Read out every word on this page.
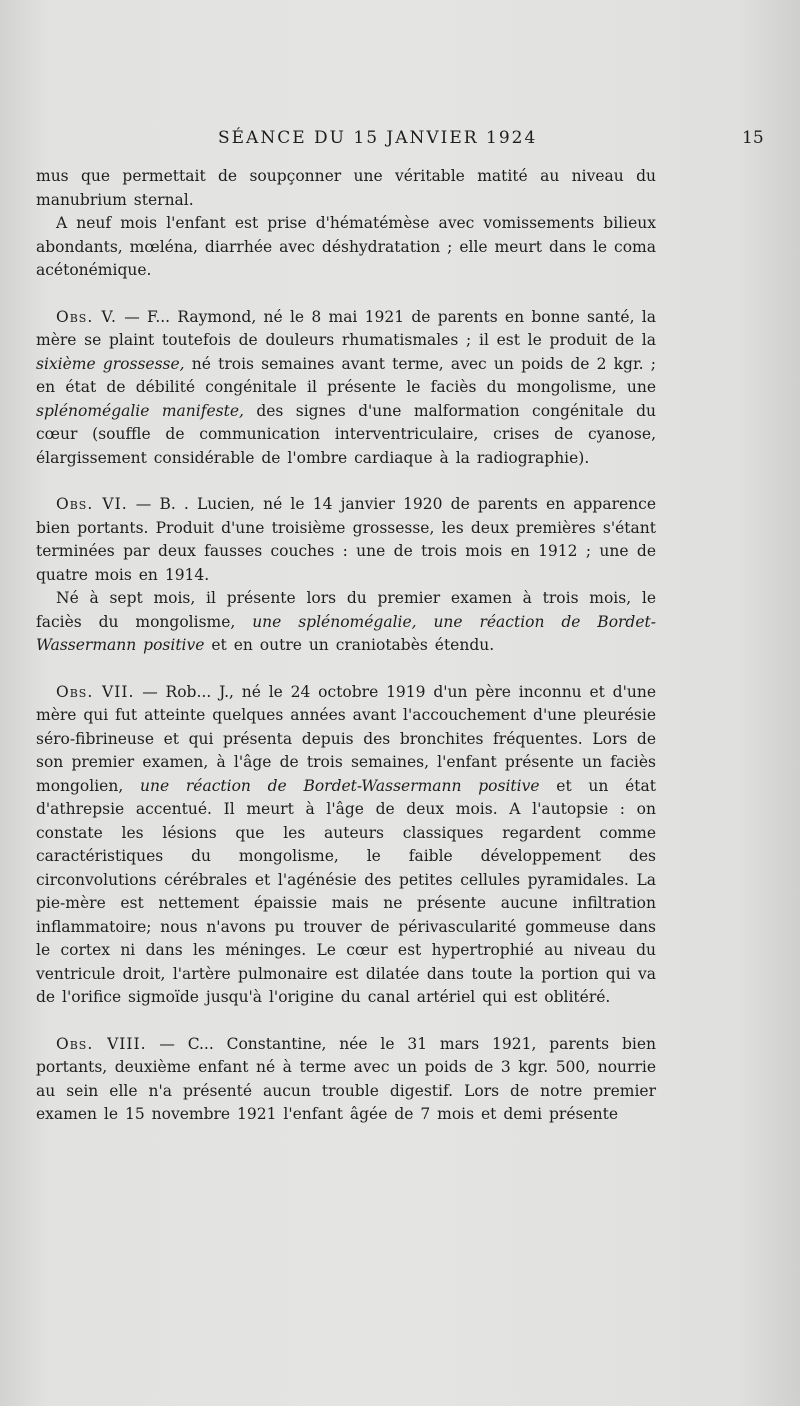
SÉANCE DU 15 JANVIER 1924	15

mus que permettait de soupçonner une véritable matité au niveau du manubrium sternal.

A neuf mois l'enfant est prise d'hématémèse avec vomissements bilieux abondants, mœléna, diarrhée avec déshydratation ; elle meurt dans le coma acétonémique.

Obs. V. — F... Raymond, né le 8 mai 1921 de parents en bonne santé, la mère se plaint toutefois de douleurs rhumatismales ; il est le produit de la sixième grossesse, né trois semaines avant terme, avec un poids de 2 kgr. ; en état de débilité congénitale il présente le faciès du mongolisme, une splénomégalie manifeste, des signes d'une malformation congénitale du cœur (souffle de communication interventriculaire, crises de cyanose, élargissement considérable de l'ombre cardiaque à la radiographie).

Obs. VI. — B. . Lucien, né le 14 janvier 1920 de parents en apparence bien portants. Produit d'une troisième grossesse, les deux premières s'étant terminées par deux fausses couches : une de trois mois en 1912 ; une de quatre mois en 1914.

Né à sept mois, il présente lors du premier examen à trois mois, le faciès du mongolisme, une splénomégalie, une réaction de Bordet-Wassermann positive et en outre un craniotabès étendu.

Obs. VII. — Rob... J., né le 24 octobre 1919 d'un père inconnu et d'une mère qui fut atteinte quelques années avant l'accouchement d'une pleurésie séro-fibrineuse et qui présenta depuis des bronchites fréquentes. Lors de son premier examen, à l'âge de trois semaines, l'enfant présente un faciès mongolien, une réaction de Bordet-Wassermann positive et un état d'athrepsie accentué. Il meurt à l'âge de deux mois. A l'autopsie : on constate les lésions que les auteurs classiques regardent comme caractéristiques du mongolisme, le faible développement des circonvolutions cérébrales et l'agénésie des petites cellules pyramidales. La pie-mère est nettement épaissie mais ne présente aucune infiltration inflammatoire; nous n'avons pu trouver de périvascularité gommeuse dans le cortex ni dans les méninges. Le cœur est hypertrophié au niveau du ventricule droit, l'artère pulmonaire est dilatée dans toute la portion qui va de l'orifice sigmoïde jusqu'à l'origine du canal artériel qui est oblitéré.

Obs. VIII. — C... Constantine, née le 31 mars 1921, parents bien portants, deuxième enfant né à terme avec un poids de 3 kgr. 500, nourrie au sein elle n'a présenté aucun trouble digestif. Lors de notre premier examen le 15 novembre 1921 l'enfant âgée de 7 mois et demi présente
